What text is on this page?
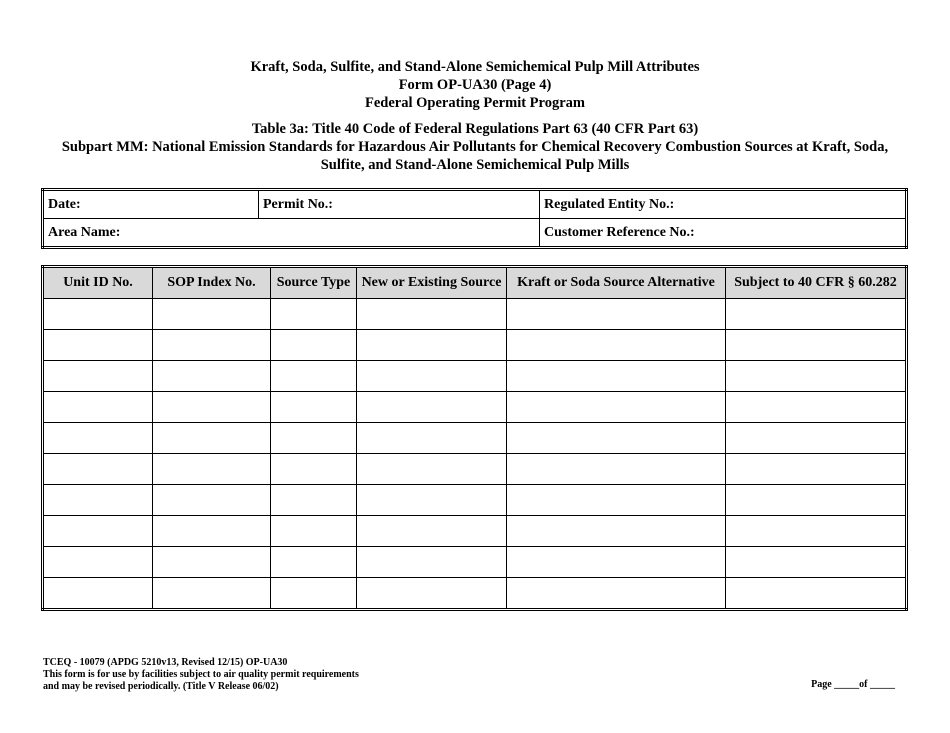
Kraft, Soda, Sulfite, and Stand-Alone Semichemical Pulp Mill Attributes
Form OP-UA30 (Page 4)
Federal Operating Permit Program
Table 3a: Title 40 Code of Federal Regulations Part 63 (40 CFR Part 63)
Subpart MM: National Emission Standards for Hazardous Air Pollutants for Chemical Recovery Combustion Sources at Kraft, Soda, Sulfite, and Stand-Alone Semichemical Pulp Mills
Date:	Permit No.:	Regulated Entity No.:
Area Name:		Customer Reference No.:
Unit ID No.	SOP Index No.	Source Type	New or Existing Source	Kraft or Soda Source Alternative	Subject to 40 CFR § 60.282

TCEQ - 10079 (APDG 5210v13, Revised 12/15) OP-UA30
This form is for use by facilities subject to air quality permit requirements
and may be revised periodically. (Title V Release 06/02)	Page _____of _____
